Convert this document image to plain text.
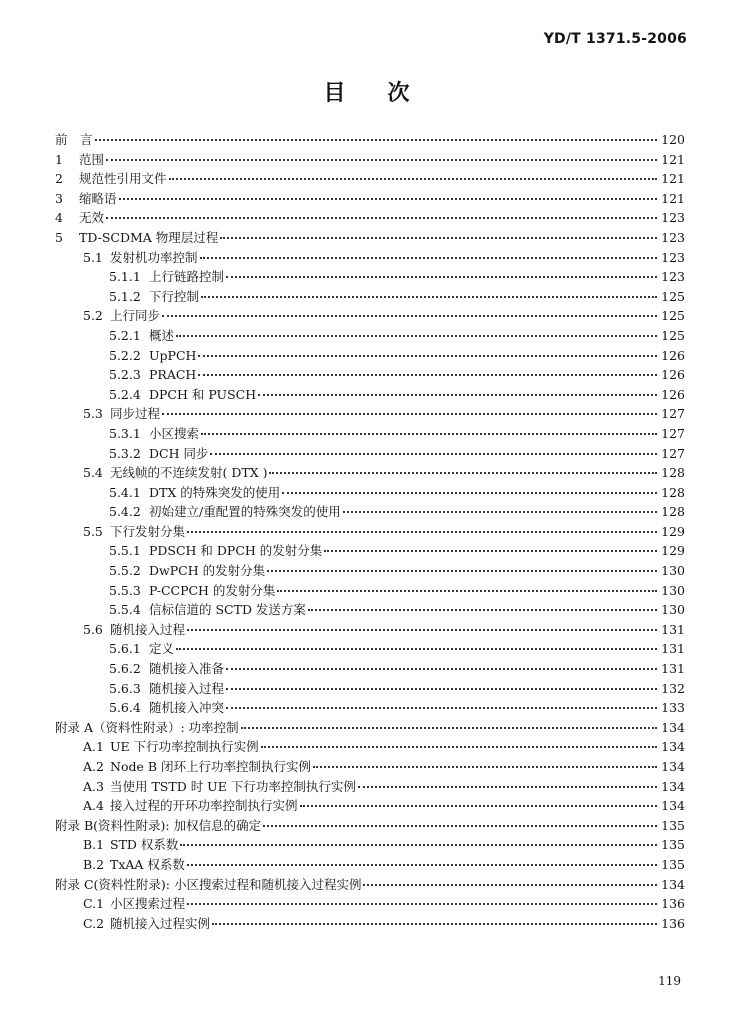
YD/T 1371.5-2006
目 次
前　言	120
1	范围	121
2	规范性引用文件	121
3	缩略语	121
4	无效	123
5	TD-SCDMA 物理层过程	123
5.1 发射机功率控制	123
5.1.1 上行链路控制	123
5.1.2 下行控制	125
5.2 上行同步	125
5.2.1 概述	125
5.2.2 UpPCH	126
5.2.3 PRACH	126
5.2.4 DPCH 和 PUSCH	126
5.3 同步过程	127
5.3.1 小区搜索	127
5.3.2 DCH 同步	127
5.4 无线帧的不连续发射( DTX )	128
5.4.1 DTX 的特殊突发的使用	128
5.4.2 初始建立/重配置的特殊突发的使用	128
5.5 下行发射分集	129
5.5.1 PDSCH 和 DPCH 的发射分集	129
5.5.2 DwPCH 的发射分集	130
5.5.3 P-CCPCH 的发射分集	130
5.5.4 信标信道的 SCTD 发送方案	130
5.6 随机接入过程	131
5.6.1 定义	131
5.6.2 随机接入准备	131
5.6.3 随机接入过程	132
5.6.4 随机接入冲突	133
附录 A（资料性附录）: 功率控制	134
A.1 UE 下行功率控制执行实例	134
A.2 Node B 闭环上行功率控制执行实例	134
A.3 当使用 TSTD 时 UE 下行功率控制执行实例	134
A.4 接入过程的开环功率控制执行实例	134
附录 B(资料性附录): 加权信息的确定	135
B.1 STD 权系数	135
B.2 TxAA 权系数	135
附录 C(资料性附录): 小区搜索过程和随机接入过程实例	134
C.1 小区搜索过程	136
C.2 随机接入过程实例	136
119
